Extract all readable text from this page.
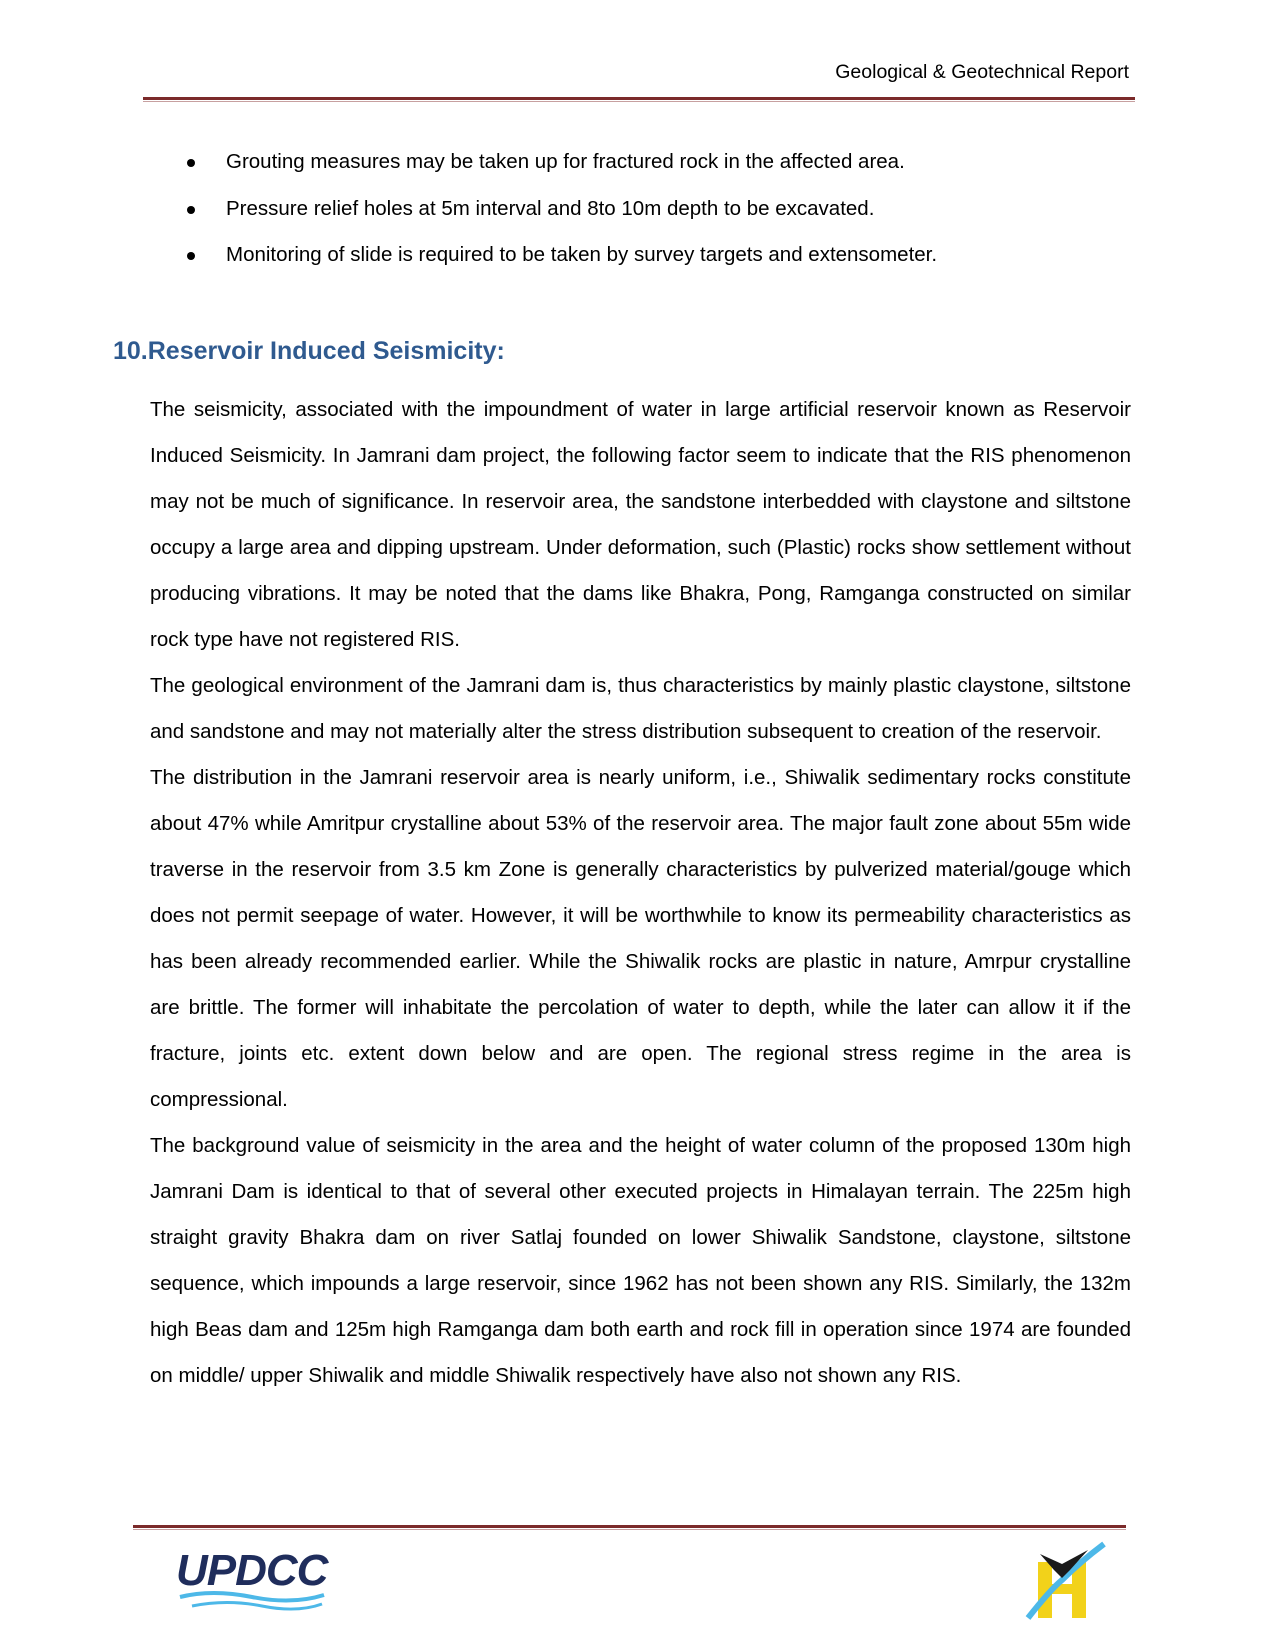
Geological & Geotechnical Report
Grouting measures may be taken up for fractured rock in the affected area.
Pressure relief holes at 5m interval and 8to 10m depth to be excavated.
Monitoring of slide is required to be taken by survey targets and extensometer.
10.Reservoir Induced Seismicity:

The seismicity, associated with the impoundment of water in large artificial reservoir known as Reservoir Induced Seismicity. In Jamrani dam project, the following factor seem to indicate that the RIS phenomenon may not be much of significance. In reservoir area, the sandstone interbedded with claystone and siltstone occupy a large area and dipping upstream. Under deformation, such (Plastic) rocks show settlement without producing vibrations. It may be noted that the dams like Bhakra, Pong, Ramganga constructed on similar rock type have not registered RIS.

The geological environment of the Jamrani dam is, thus characteristics by mainly plastic claystone, siltstone and sandstone and may not materially alter the stress distribution subsequent to creation of the reservoir.

The distribution in the Jamrani reservoir area is nearly uniform, i.e., Shiwalik sedimentary rocks constitute about 47% while Amritpur crystalline about 53% of the reservoir area. The major fault zone about 55m wide traverse in the reservoir from 3.5 km Zone is generally characteristics by pulverized material/gouge which does not permit seepage of water. However, it will be worthwhile to know its permeability characteristics as has been already recommended earlier. While the Shiwalik rocks are plastic in nature, Amrpur crystalline are brittle. The former will inhabitate the percolation of water to depth, while the later can allow it if the fracture, joints etc. extent down below and are open. The regional stress regime in the area is compressional.

The background value of seismicity in the area and the height of water column of the proposed 130m high Jamrani Dam is identical to that of several other executed projects in Himalayan terrain. The 225m high straight gravity Bhakra dam on river Satlaj founded on lower Shiwalik Sandstone, claystone, siltstone sequence, which impounds a large reservoir, since 1962 has not been shown any RIS. Similarly, the 132m high Beas dam and 125m high Ramganga dam both earth and rock fill in operation since 1974 are founded on middle/ upper Shiwalik and middle Shiwalik respectively have also not shown any RIS.

UPDCC
